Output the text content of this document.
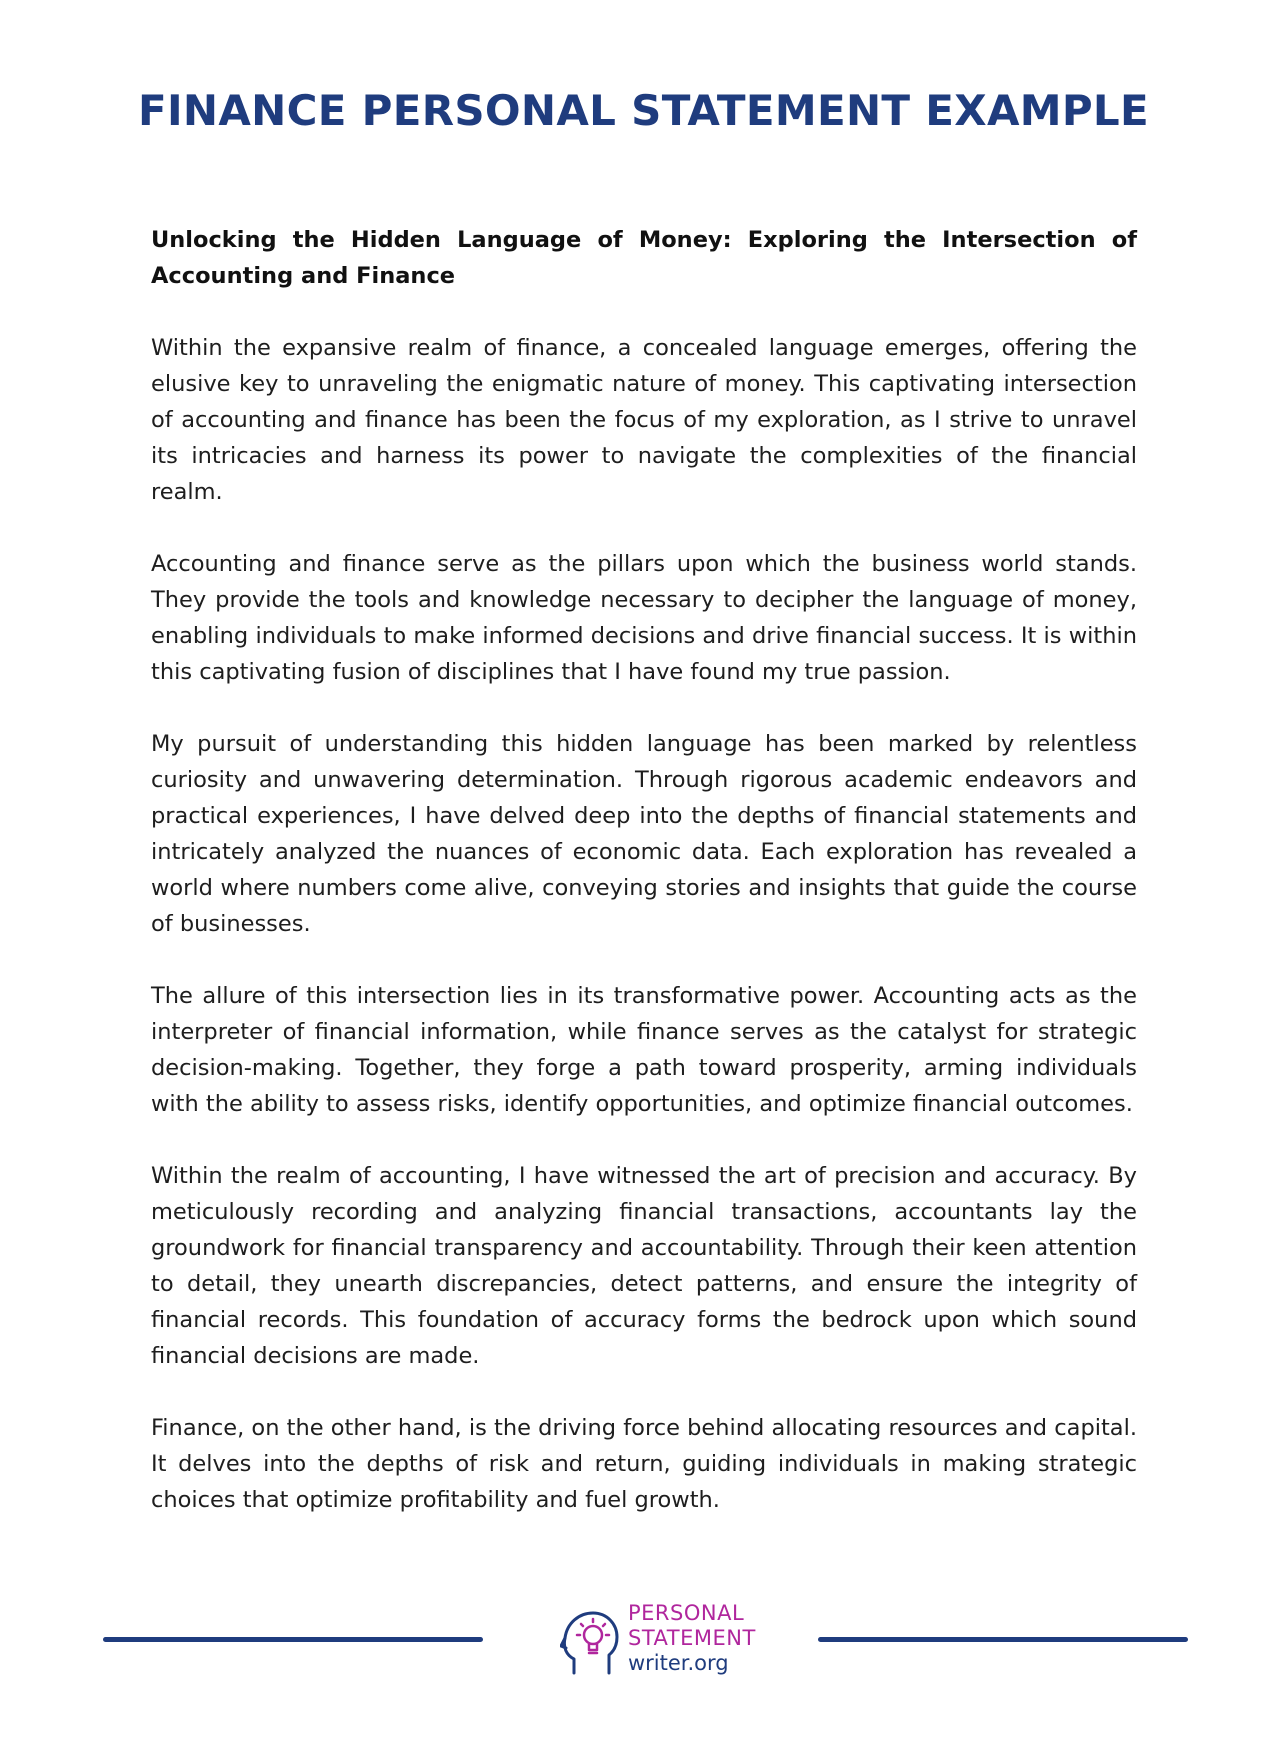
FINANCE PERSONAL STATEMENT EXAMPLE

Unlocking the Hidden Language of Money: Exploring the Intersection of Accounting and Finance

Within the expansive realm of finance, a concealed language emerges, offering the elusive key to unraveling the enigmatic nature of money. This captivating intersection of accounting and finance has been the focus of my exploration, as I strive to unravel its intricacies and harness its power to navigate the complexities of the financial realm.

Accounting and finance serve as the pillars upon which the business world stands. They provide the tools and knowledge necessary to decipher the language of money, enabling individuals to make informed decisions and drive financial success. It is within this captivating fusion of disciplines that I have found my true passion.

My pursuit of understanding this hidden language has been marked by relentless curiosity and unwavering determination. Through rigorous academic endeavors and practical experiences, I have delved deep into the depths of financial statements and intricately analyzed the nuances of economic data. Each exploration has revealed a world where numbers come alive, conveying stories and insights that guide the course of businesses.

The allure of this intersection lies in its transformative power. Accounting acts as the interpreter of financial information, while finance serves as the catalyst for strategic decision-making. Together, they forge a path toward prosperity, arming individuals with the ability to assess risks, identify opportunities, and optimize financial outcomes.

Within the realm of accounting, I have witnessed the art of precision and accuracy. By meticulously recording and analyzing financial transactions, accountants lay the groundwork for financial transparency and accountability. Through their keen attention to detail, they unearth discrepancies, detect patterns, and ensure the integrity of financial records. This foundation of accuracy forms the bedrock upon which sound financial decisions are made.

Finance, on the other hand, is the driving force behind allocating resources and capital. It delves into the depths of risk and return, guiding individuals in making strategic choices that optimize profitability and fuel growth.

PERSONAL
STATEMENT
writer.org
